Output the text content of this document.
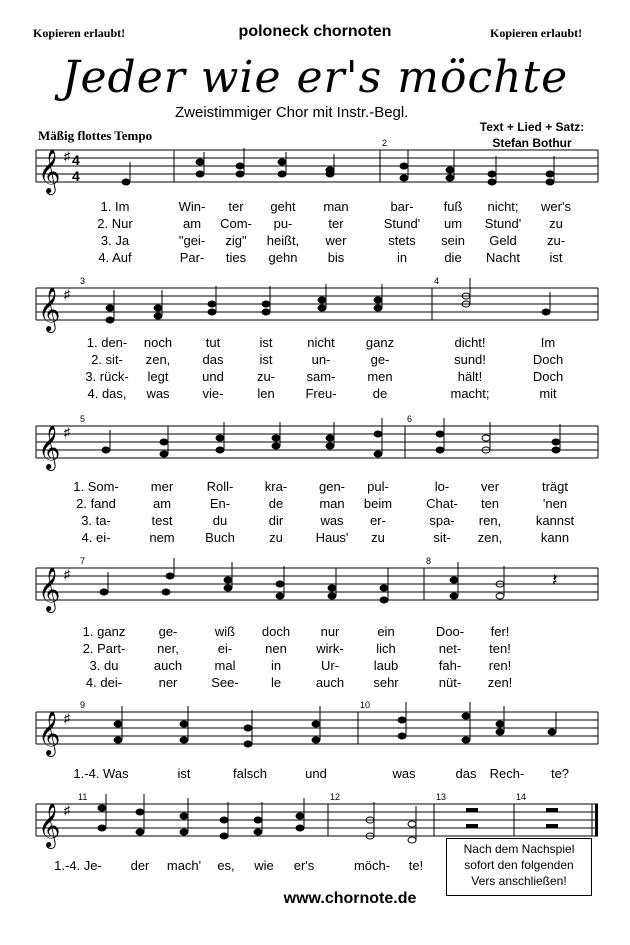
Kopieren erlaubt!	poloneck chornoten	Kopieren erlaubt!
Jeder wie er's möchte
Zweistimmiger Chor mit Instr.-Begl.
Text + Lied + Satz:
Stefan Bothur
Mäßig flottes Tempo
𝄞 ♯ 4
4
2
1. Im	Win- ter geht man	bar- fuß nicht; wer's
2. Nur	am Com- pu-	ter	Stund' um Stund' zu
3. Ja	"gei- zig" heißt, wer	stets sein Geld zu-
4. Auf	Par- ties gehn bis	in	die Nacht ist
𝄞 ♯
3	4
1. den- noch	tut	ist	nicht ganz	dicht!	Im
2. sit- zen, das	ist	un-	ge-	sund!	Doch
3. rück- legt	und	zu- sam- men	hält!	Doch
4. das, was	vie-	len Freu-	de	macht;	mit
𝄞 ♯
5	6
1. Som- mer	Roll- kra- gen- pul-	lo- ver	trägt
2. fand	am	En-	de	man beim	Chat- ten	'nen
3. ta-	test	du	dir	was er-	spa- ren,	kannst
4. ei-	nem Buch	zu	Haus' zu	sit- zen,	kann
𝄞 ♯	𝄽
7	8
1. ganz	ge-	wiß doch nur	ein	Doo- fer!
2. Part- ner,	ei-	nen wirk-	lich	net- ten!
3. du	auch mal	in	Ur-	laub	fah- ren!
4. dei-	ner	See- le	auch sehr	nüt- zen!
𝄞 ♯
9	10
1.-4. Was	ist	falsch	und	was	das Rech- te?
𝄞 ♯
11	12	13	14
1.-4. Je- der mach' es, wie er's	möch- te!
Nach dem Nachspiel
sofort den folgenden
Vers anschließen!
www.chornote.de
